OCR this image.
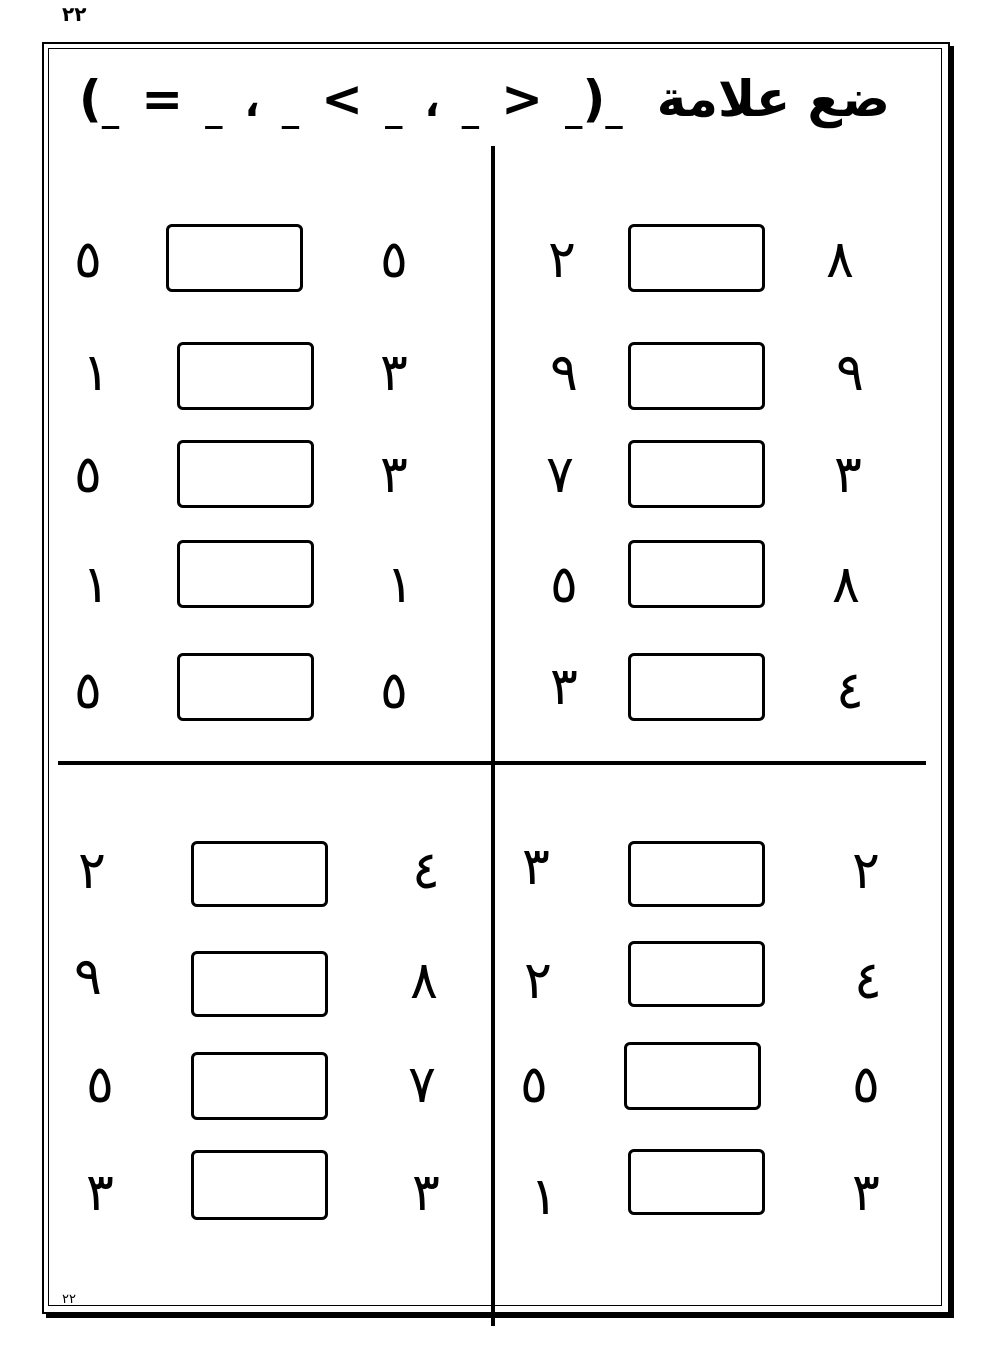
٢٢
ضع علامة ( < ، > ، = )
٨
٢
٩
٩
٣
٧
٨
٥
٤
٣
٥
٥
٣
١
٣
٥
١
١
٥
٥
٢
٣
٤
٢
٥
٥
٣
١
٤
٢
٨
٩
٧
٥
٣
٣
٢٢
